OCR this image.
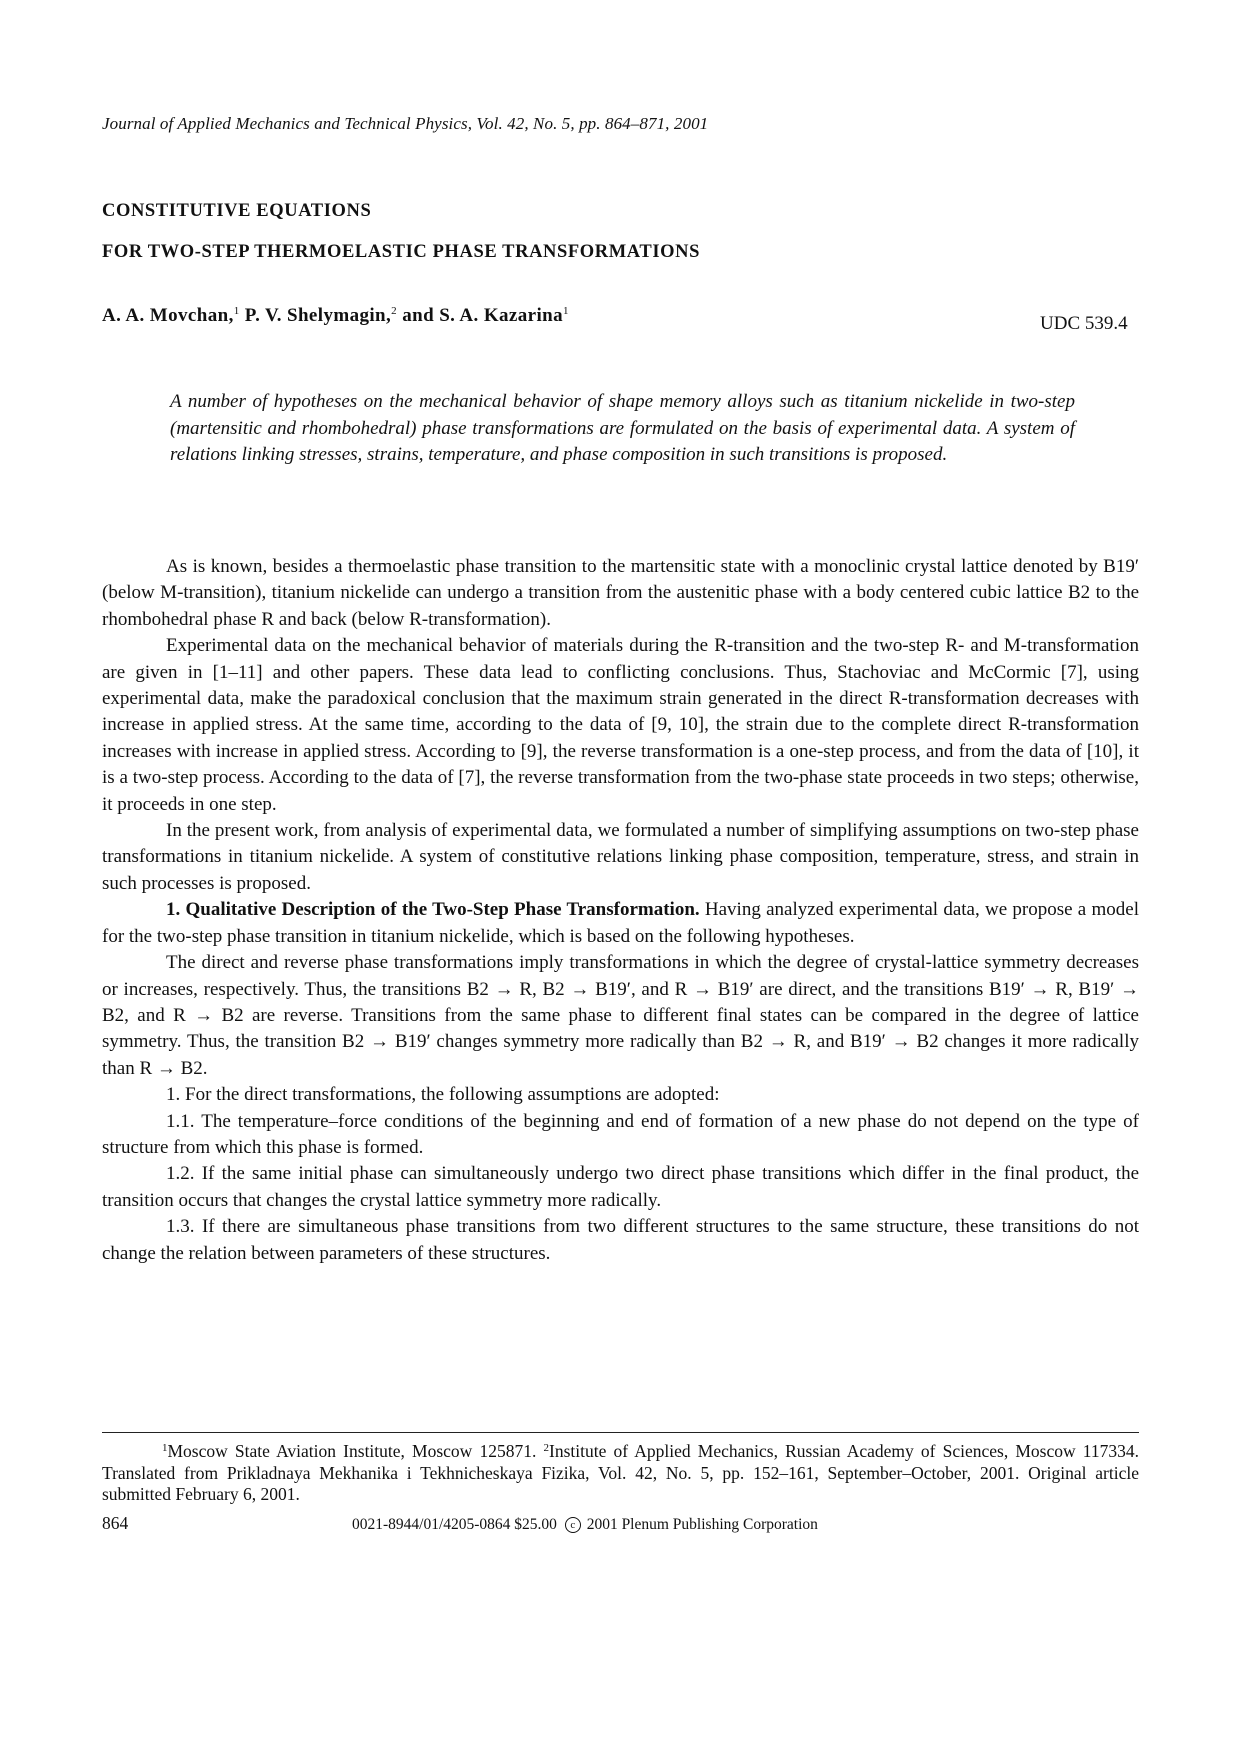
Journal of Applied Mechanics and Technical Physics, Vol. 42, No. 5, pp. 864–871, 2001
CONSTITUTIVE EQUATIONS
FOR TWO-STEP THERMOELASTIC PHASE TRANSFORMATIONS
A. A. Movchan,$^1$ P. V. Shelymagin,$^2$ and S. A. Kazarina$^1$
UDC 539.4
A number of hypotheses on the mechanical behavior of shape memory alloys such as titanium nickelide in two-step (martensitic and rhombohedral) phase transformations are formulated on the basis of experimental data. A system of relations linking stresses, strains, temperature, and phase composition in such transitions is proposed.

As is known, besides a thermoelastic phase transition to the martensitic state with a monoclinic crystal lattice denoted by B19′ (below M-transition), titanium nickelide can undergo a transition from the austenitic phase with a body centered cubic lattice B2 to the rhombohedral phase R and back (below R-transformation).

Experimental data on the mechanical behavior of materials during the R-transition and the two-step R- and M-transformation are given in [1–11] and other papers. These data lead to conflicting conclusions. Thus, Stachoviac and McCormic [7], using experimental data, make the paradoxical conclusion that the maximum strain generated in the direct R-transformation decreases with increase in applied stress. At the same time, according to the data of [9, 10], the strain due to the complete direct R-transformation increases with increase in applied stress. According to [9], the reverse transformation is a one-step process, and from the data of [10], it is a two-step process. According to the data of [7], the reverse transformation from the two-phase state proceeds in two steps; otherwise, it proceeds in one step.

In the present work, from analysis of experimental data, we formulated a number of simplifying assumptions on two-step phase transformations in titanium nickelide. A system of constitutive relations linking phase composition, temperature, stress, and strain in such processes is proposed.

1. Qualitative Description of the Two-Step Phase Transformation. Having analyzed experimental data, we propose a model for the two-step phase transition in titanium nickelide, which is based on the following hypotheses.

The direct and reverse phase transformations imply transformations in which the degree of crystal-lattice symmetry decreases or increases, respectively. Thus, the transitions B2 → R, B2 → B19′, and R → B19′ are direct, and the transitions B19′ → R, B19′ → B2, and R → B2 are reverse. Transitions from the same phase to different final states can be compared in the degree of lattice symmetry. Thus, the transition B2 → B19′ changes symmetry more radically than B2 → R, and B19′ → B2 changes it more radically than R → B2.

1. For the direct transformations, the following assumptions are adopted:

1.1. The temperature–force conditions of the beginning and end of formation of a new phase do not depend on the type of structure from which this phase is formed.

1.2. If the same initial phase can simultaneously undergo two direct phase transitions which differ in the final product, the transition occurs that changes the crystal lattice symmetry more radically.

1.3. If there are simultaneous phase transitions from two different structures to the same structure, these transitions do not change the relation between parameters of these structures.

$^1$Moscow State Aviation Institute, Moscow 125871. $^2$Institute of Applied Mechanics, Russian Academy of Sciences, Moscow 117334. Translated from Prikladnaya Mekhanika i Tekhnicheskaya Fizika, Vol. 42, No. 5, pp. 152–161, September–October, 2001. Original article submitted February 6, 2001.
864	0021-8944/01/4205-0864 $25.00 c 2001 Plenum Publishing Corporation
